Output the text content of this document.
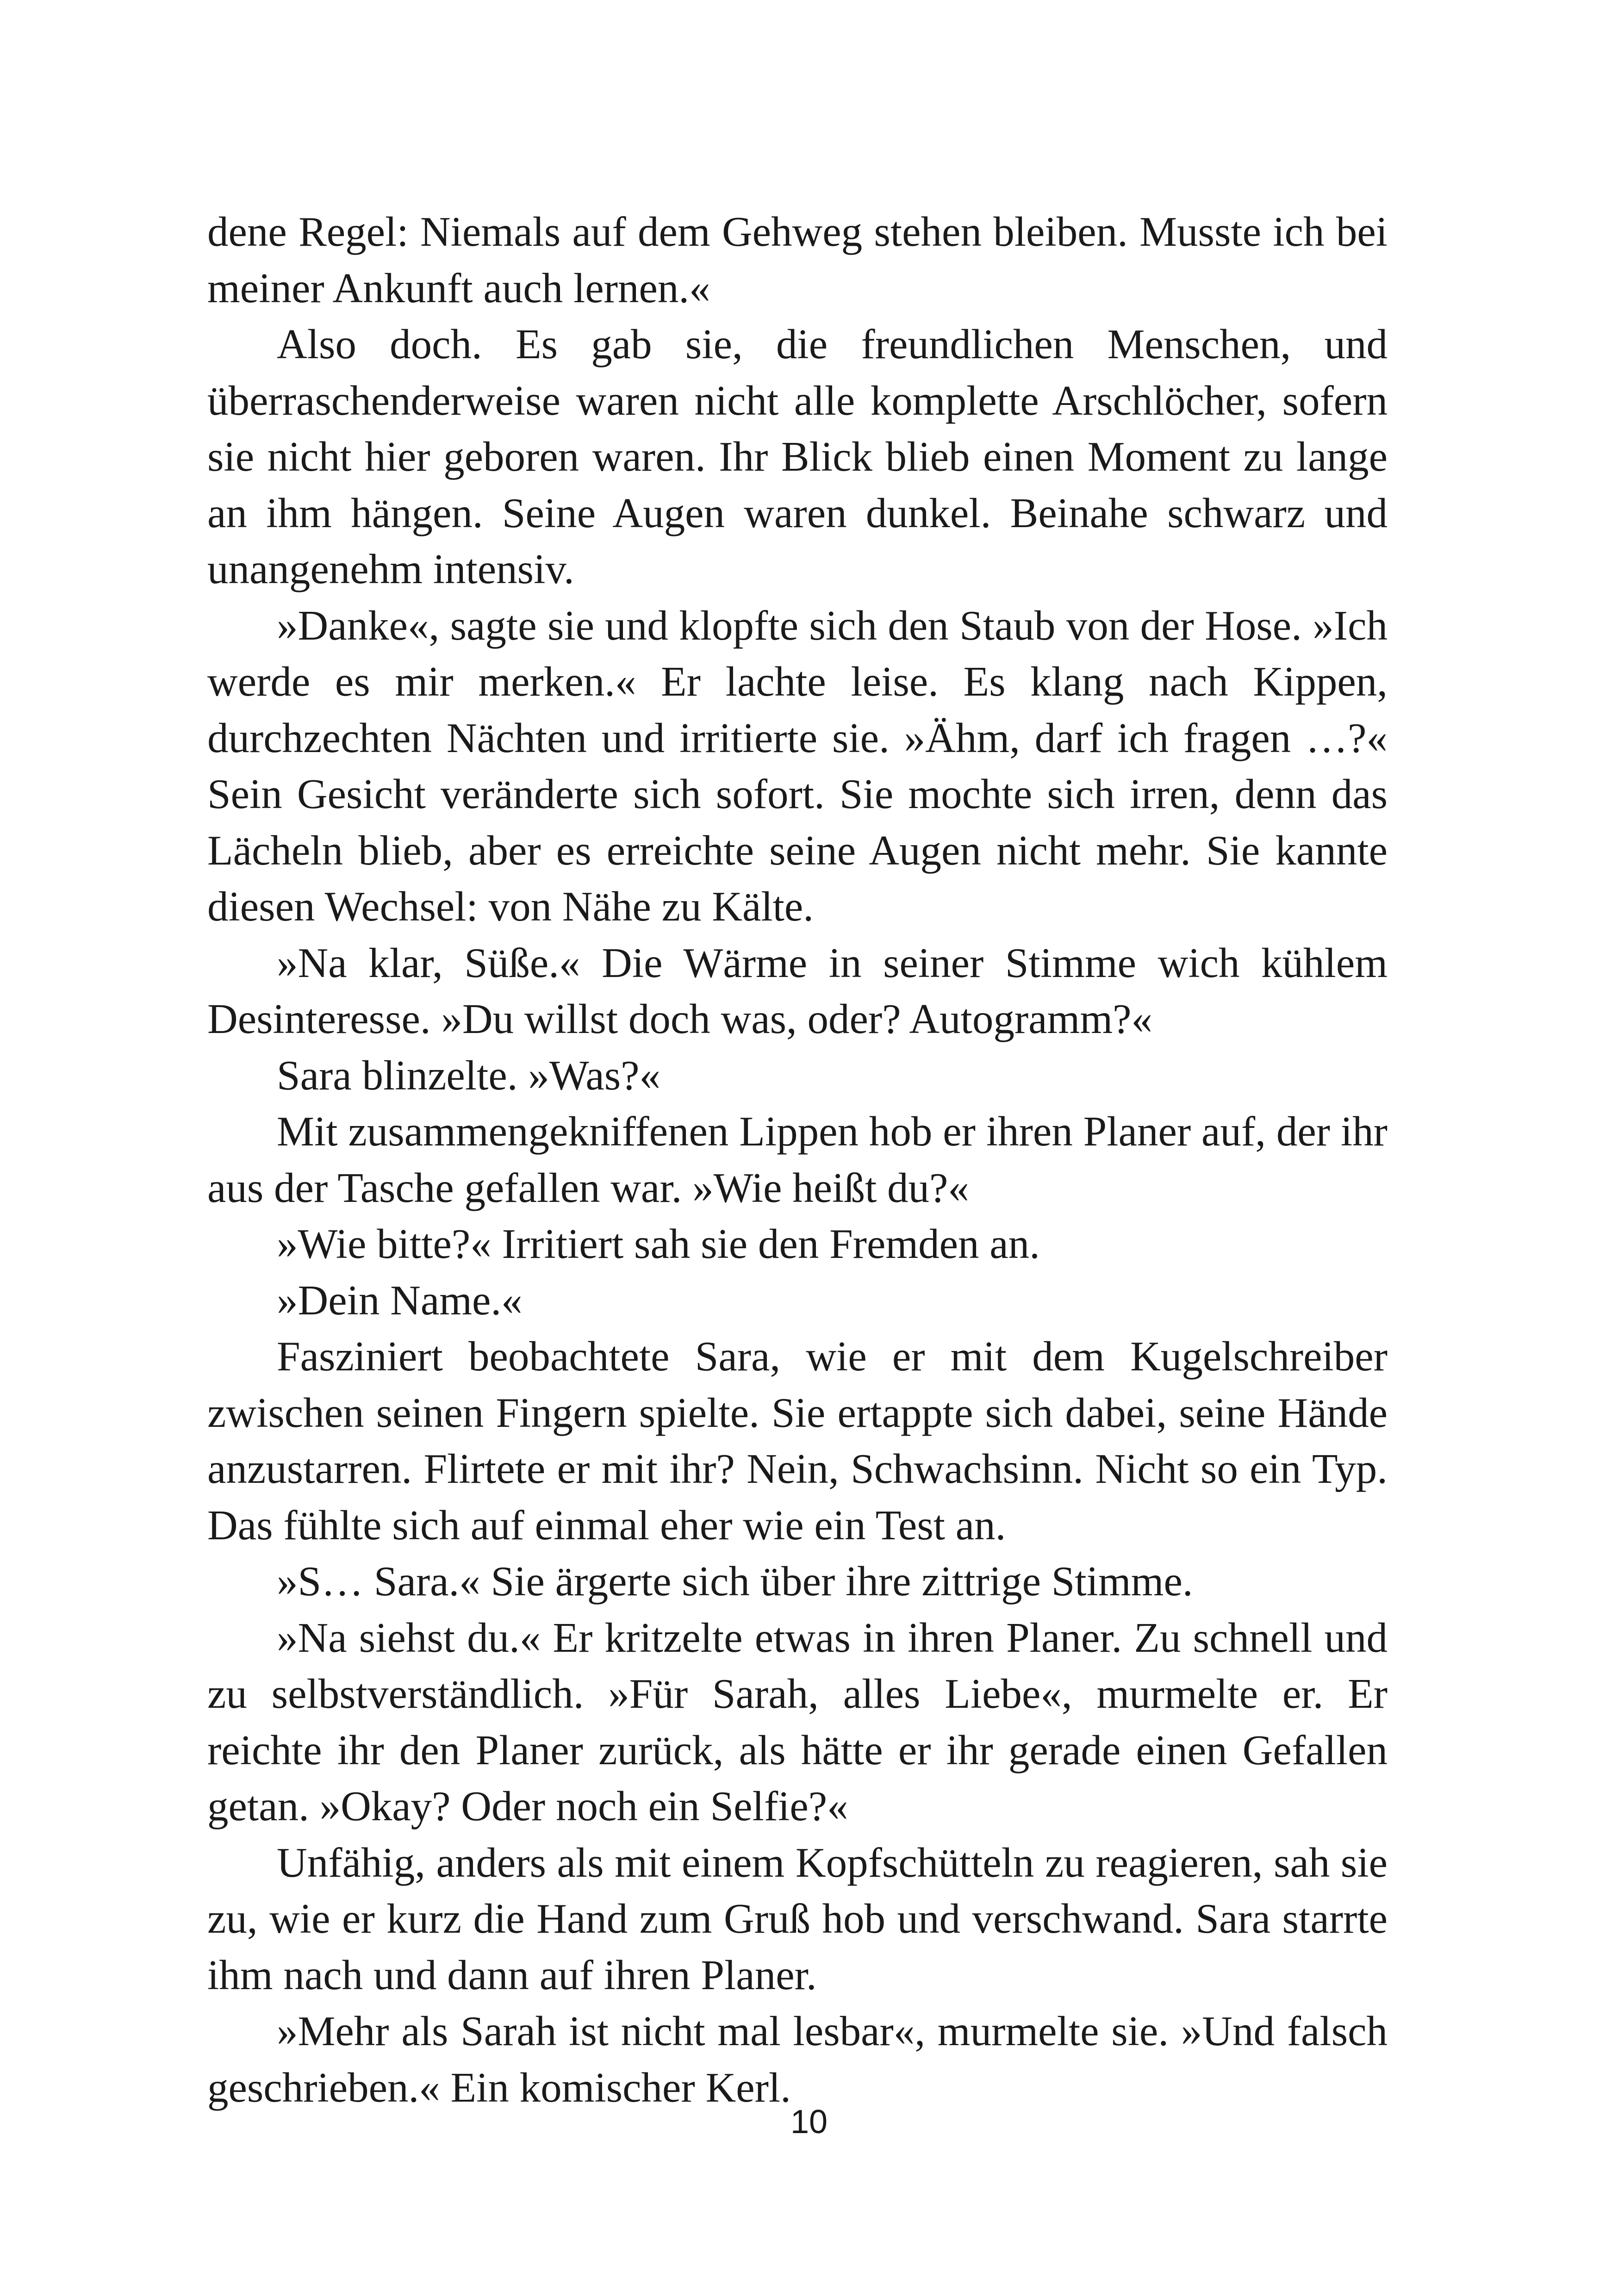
dene Regel: Niemals auf dem Gehweg stehen bleiben. Musste ich bei meiner Ankunft auch lernen.«

Also doch. Es gab sie, die freundlichen Menschen, und überraschenderweise waren nicht alle komplette Arschlöcher, sofern sie nicht hier geboren waren. Ihr Blick blieb einen Moment zu lange an ihm hängen. Seine Augen waren dunkel. Beinahe schwarz und unangenehm intensiv.

»Danke«, sagte sie und klopfte sich den Staub von der Hose. »Ich werde es mir merken.« Er lachte leise. Es klang nach Kippen, durchzechten Nächten und irritierte sie. »Ähm, darf ich fragen …?« Sein Gesicht veränderte sich sofort. Sie mochte sich irren, denn das Lächeln blieb, aber es erreichte seine Augen nicht mehr. Sie kannte diesen Wechsel: von Nähe zu Kälte.

»Na klar, Süße.« Die Wärme in seiner Stimme wich kühlem Desinteresse. »Du willst doch was, oder? Autogramm?«

Sara blinzelte. »Was?«

Mit zusammengekniffenen Lippen hob er ihren Planer auf, der ihr aus der Tasche gefallen war. »Wie heißt du?«

»Wie bitte?« Irritiert sah sie den Fremden an.

»Dein Name.«

Fasziniert beobachtete Sara, wie er mit dem Kugelschreiber zwischen seinen Fingern spielte. Sie ertappte sich dabei, seine Hände anzustarren. Flirtete er mit ihr? Nein, Schwachsinn. Nicht so ein Typ. Das fühlte sich auf einmal eher wie ein Test an.

»S… Sara.« Sie ärgerte sich über ihre zittrige Stimme.

»Na siehst du.« Er kritzelte etwas in ihren Planer. Zu schnell und zu selbstverständlich. »Für Sarah, alles Liebe«, murmelte er. Er reichte ihr den Planer zurück, als hätte er ihr gerade einen Gefallen getan. »Okay? Oder noch ein Selfie?«

Unfähig, anders als mit einem Kopfschütteln zu reagieren, sah sie zu, wie er kurz die Hand zum Gruß hob und verschwand. Sara starrte ihm nach und dann auf ihren Planer.

»Mehr als Sarah ist nicht mal lesbar«, murmelte sie. »Und falsch geschrieben.« Ein komischer Kerl.

10
